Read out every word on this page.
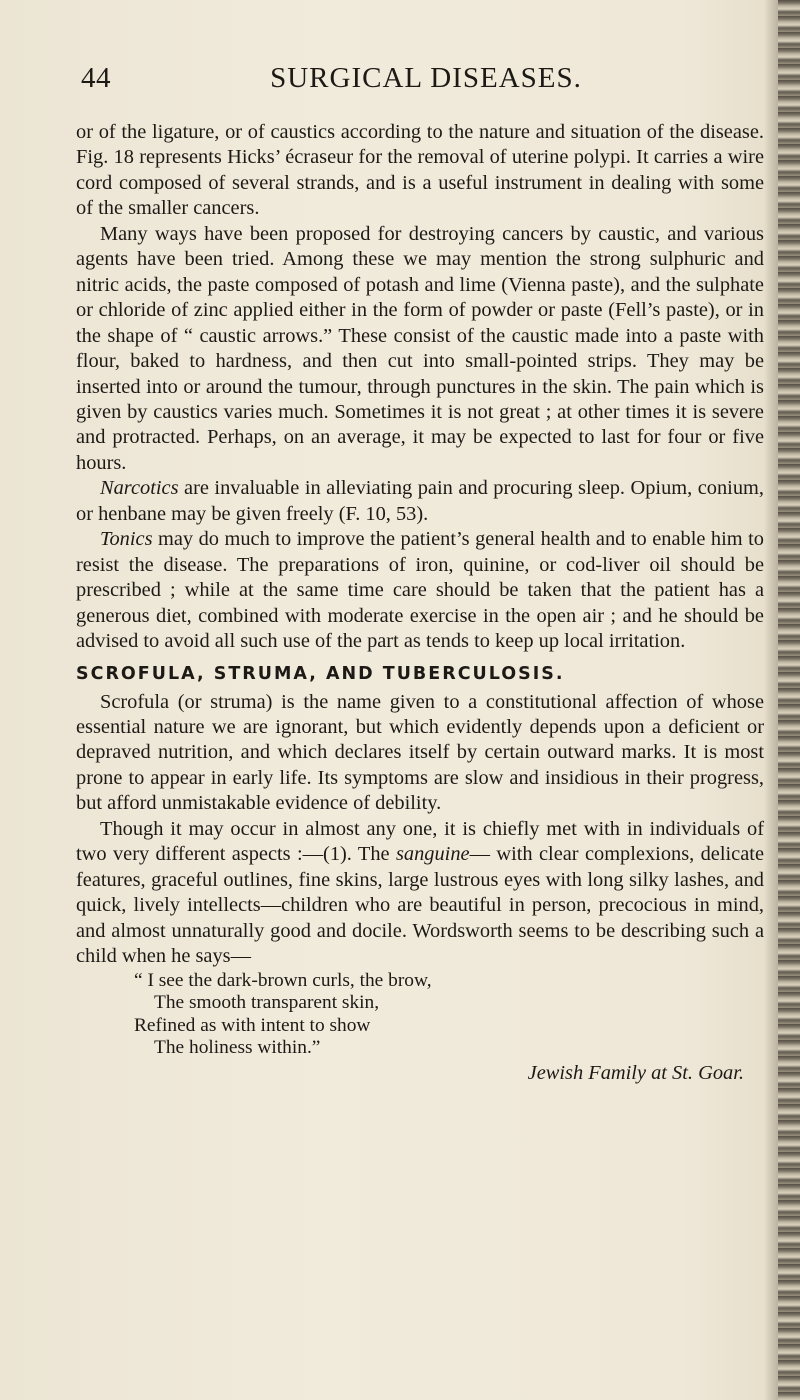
44	SURGICAL DISEASES.

or of the ligature, or of caustics according to the nature and situation of the disease. Fig. 18 represents Hicks’ écraseur for the removal of uterine polypi. It carries a wire cord composed of several strands, and is a useful instrument in dealing with some of the smaller cancers.

Many ways have been proposed for destroying cancers by caustic, and various agents have been tried. Among these we may mention the strong sulphuric and nitric acids, the paste composed of potash and lime (Vienna paste), and the sulphate or chloride of zinc applied either in the form of powder or paste (Fell’s paste), or in the shape of “ caustic arrows.” These consist of the caustic made into a paste with flour, baked to hardness, and then cut into small-pointed strips. They may be inserted into or around the tumour, through punctures in the skin. The pain which is given by caustics varies much. Sometimes it is not great ; at other times it is severe and protracted. Perhaps, on an average, it may be expected to last for four or five hours.

Narcotics are invaluable in alleviating pain and procuring sleep. Opium, conium, or henbane may be given freely (F. 10, 53).

Tonics may do much to improve the patient’s general health and to enable him to resist the disease. The preparations of iron, quinine, or cod-liver oil should be prescribed ; while at the same time care should be taken that the patient has a generous diet, combined with moderate exercise in the open air ; and he should be advised to avoid all such use of the part as tends to keep up local irritation.

SCROFULA, STRUMA, AND TUBERCULOSIS.

Scrofula (or struma) is the name given to a constitutional affection of whose essential nature we are ignorant, but which evidently depends upon a deficient or depraved nutrition, and which declares itself by certain outward marks. It is most prone to appear in early life. Its symptoms are slow and insidious in their progress, but afford unmistakable evidence of debility.

Though it may occur in almost any one, it is chiefly met with in individuals of two very different aspects :—(1). The sanguine— with clear complexions, delicate features, graceful outlines, fine skins, large lustrous eyes with long silky lashes, and quick, lively intellects—children who are beautiful in person, precocious in mind, and almost unnaturally good and docile. Wordsworth seems to be describing such a child when he says—

“ I see the dark-brown curls, the brow,
The smooth transparent skin,
Refined as with intent to show
The holiness within.”
Jewish Family at St. Goar.
